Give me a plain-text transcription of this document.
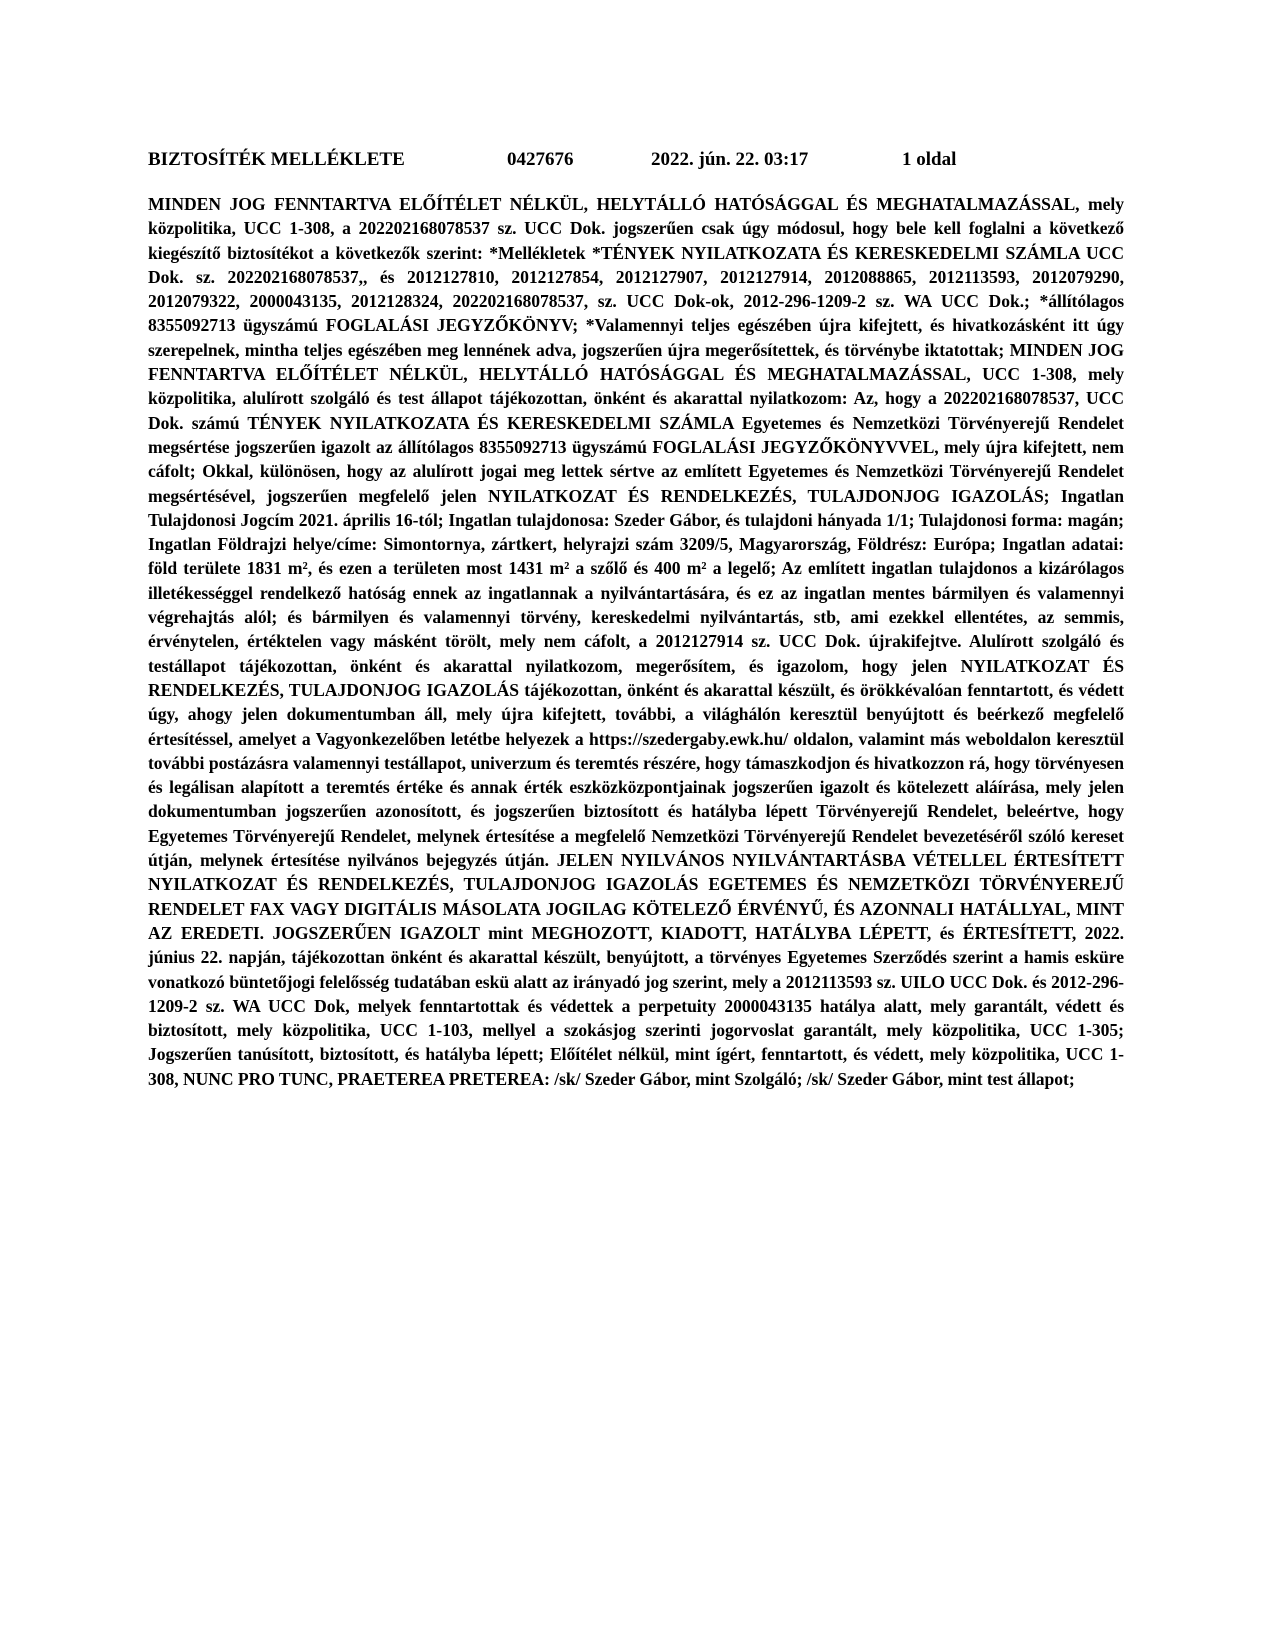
BIZTOSÍTÉK MELLÉKLETE	0427676	2022. jún. 22. 03:17	1 oldal

MINDEN JOG FENNTARTVA ELŐÍTÉLET NÉLKÜL, HELYTÁLLÓ HATÓSÁGGAL ÉS MEGHATALMAZÁSSAL, mely közpolitika, UCC 1-308, a 202202168078537 sz. UCC Dok. jogszerűen csak úgy módosul, hogy bele kell foglalni a következő kiegészítő biztosítékot a következők szerint: *Mellékletek *TÉNYEK NYILATKOZATA ÉS KERESKEDELMI SZÁMLA UCC Dok. sz. 202202168078537,, és 2012127810, 2012127854, 2012127907, 2012127914, 2012088865, 2012113593, 2012079290, 2012079322, 2000043135, 2012128324, 202202168078537, sz. UCC Dok-ok, 2012-296-1209-2 sz. WA UCC Dok.; *állítólagos 8355092713 ügyszámú FOGLALÁSI JEGYZŐKÖNYV; *Valamennyi teljes egészében újra kifejtett, és hivatkozásként itt úgy szerepelnek, mintha teljes egészében meg lennének adva, jogszerűen újra megerősítettek, és törvénybe iktatottak; MINDEN JOG FENNTARTVA ELŐÍTÉLET NÉLKÜL, HELYTÁLLÓ HATÓSÁGGAL ÉS MEGHATALMAZÁSSAL, UCC 1-308, mely közpolitika, alulírott szolgáló és test állapot tájékozottan, önként és akarattal nyilatkozom: Az, hogy a 202202168078537, UCC Dok. számú TÉNYEK NYILATKOZATA ÉS KERESKEDELMI SZÁMLA Egyetemes és Nemzetközi Törvényerejű Rendelet megsértése jogszerűen igazolt az állítólagos 8355092713 ügyszámú FOGLALÁSI JEGYZŐKÖNYVVEL, mely újra kifejtett, nem cáfolt; Okkal, különösen, hogy az alulírott jogai meg lettek sértve az említett Egyetemes és Nemzetközi Törvényerejű Rendelet megsértésével, jogszerűen megfelelő jelen NYILATKOZAT ÉS RENDELKEZÉS, TULAJDONJOG IGAZOLÁS; Ingatlan Tulajdonosi Jogcím 2021. április 16-tól; Ingatlan tulajdonosa: Szeder Gábor, és tulajdoni hányada 1/1; Tulajdonosi forma: magán; Ingatlan Földrajzi helye/címe: Simontornya, zártkert, helyrajzi szám 3209/5, Magyarország, Földrész: Európa; Ingatlan adatai: föld területe 1831 m², és ezen a területen most 1431 m² a szőlő és 400 m² a legelő; Az említett ingatlan tulajdonos a kizárólagos illetékességgel rendelkező hatóság ennek az ingatlannak a nyilvántartására, és ez az ingatlan mentes bármilyen és valamennyi végrehajtás alól; és bármilyen és valamennyi törvény, kereskedelmi nyilvántartás, stb, ami ezekkel ellentétes, az semmis, érvénytelen, értéktelen vagy másként törölt, mely nem cáfolt, a 2012127914 sz. UCC Dok. újrakifejtve. Alulírott szolgáló és testállapot tájékozottan, önként és akarattal nyilatkozom, megerősítem, és igazolom, hogy jelen NYILATKOZAT ÉS RENDELKEZÉS, TULAJDONJOG IGAZOLÁS tájékozottan, önként és akarattal készült, és örökkévalóan fenntartott, és védett úgy, ahogy jelen dokumentumban áll, mely újra kifejtett, további, a világhálón keresztül benyújtott és beérkező megfelelő értesítéssel, amelyet a Vagyonkezelőben letétbe helyezek a https://szedergaby.ewk.hu/ oldalon, valamint más weboldalon keresztül további postázásra valamennyi testállapot, univerzum és teremtés részére, hogy támaszkodjon és hivatkozzon rá, hogy törvényesen és legálisan alapított a teremtés értéke és annak érték eszközközpontjainak jogszerűen igazolt és kötelezett aláírása, mely jelen dokumentumban jogszerűen azonosított, és jogszerűen biztosított és hatályba lépett Törvényerejű Rendelet, beleértve, hogy Egyetemes Törvényerejű Rendelet, melynek értesítése a megfelelő Nemzetközi Törvényerejű Rendelet bevezetéséről szóló kereset útján, melynek értesítése nyilvános bejegyzés útján. JELEN NYILVÁNOS NYILVÁNTARTÁSBA VÉTELLEL ÉRTESÍTETT NYILATKOZAT ÉS RENDELKEZÉS, TULAJDONJOG IGAZOLÁS EGETEMES ÉS NEMZETKÖZI TÖRVÉNYEREJŰ RENDELET FAX VAGY DIGITÁLIS MÁSOLATA JOGILAG KÖTELEZŐ ÉRVÉNYŰ, ÉS AZONNALI HATÁLLYAL, MINT AZ EREDETI. JOGSZERŰEN IGAZOLT mint MEGHOZOTT, KIADOTT, HATÁLYBA LÉPETT, és ÉRTESÍTETT, 2022. június 22. napján, tájékozottan önként és akarattal készült, benyújtott, a törvényes Egyetemes Szerződés szerint a hamis esküre vonatkozó büntetőjogi felelősség tudatában eskü alatt az irányadó jog szerint, mely a 2012113593 sz. UILO UCC Dok. és 2012-296-1209-2 sz. WA UCC Dok, melyek fenntartottak és védettek a perpetuity 2000043135 hatálya alatt, mely garantált, védett és biztosított, mely közpolitika, UCC 1-103, mellyel a szokásjog szerinti jogorvoslat garantált, mely közpolitika, UCC 1-305; Jogszerűen tanúsított, biztosított, és hatályba lépett; Előítélet nélkül, mint ígért, fenntartott, és védett, mely közpolitika, UCC 1-308, NUNC PRO TUNC, PRAETEREA PRETEREA: /sk/ Szeder Gábor, mint Szolgáló; /sk/ Szeder Gábor, mint test állapot;
